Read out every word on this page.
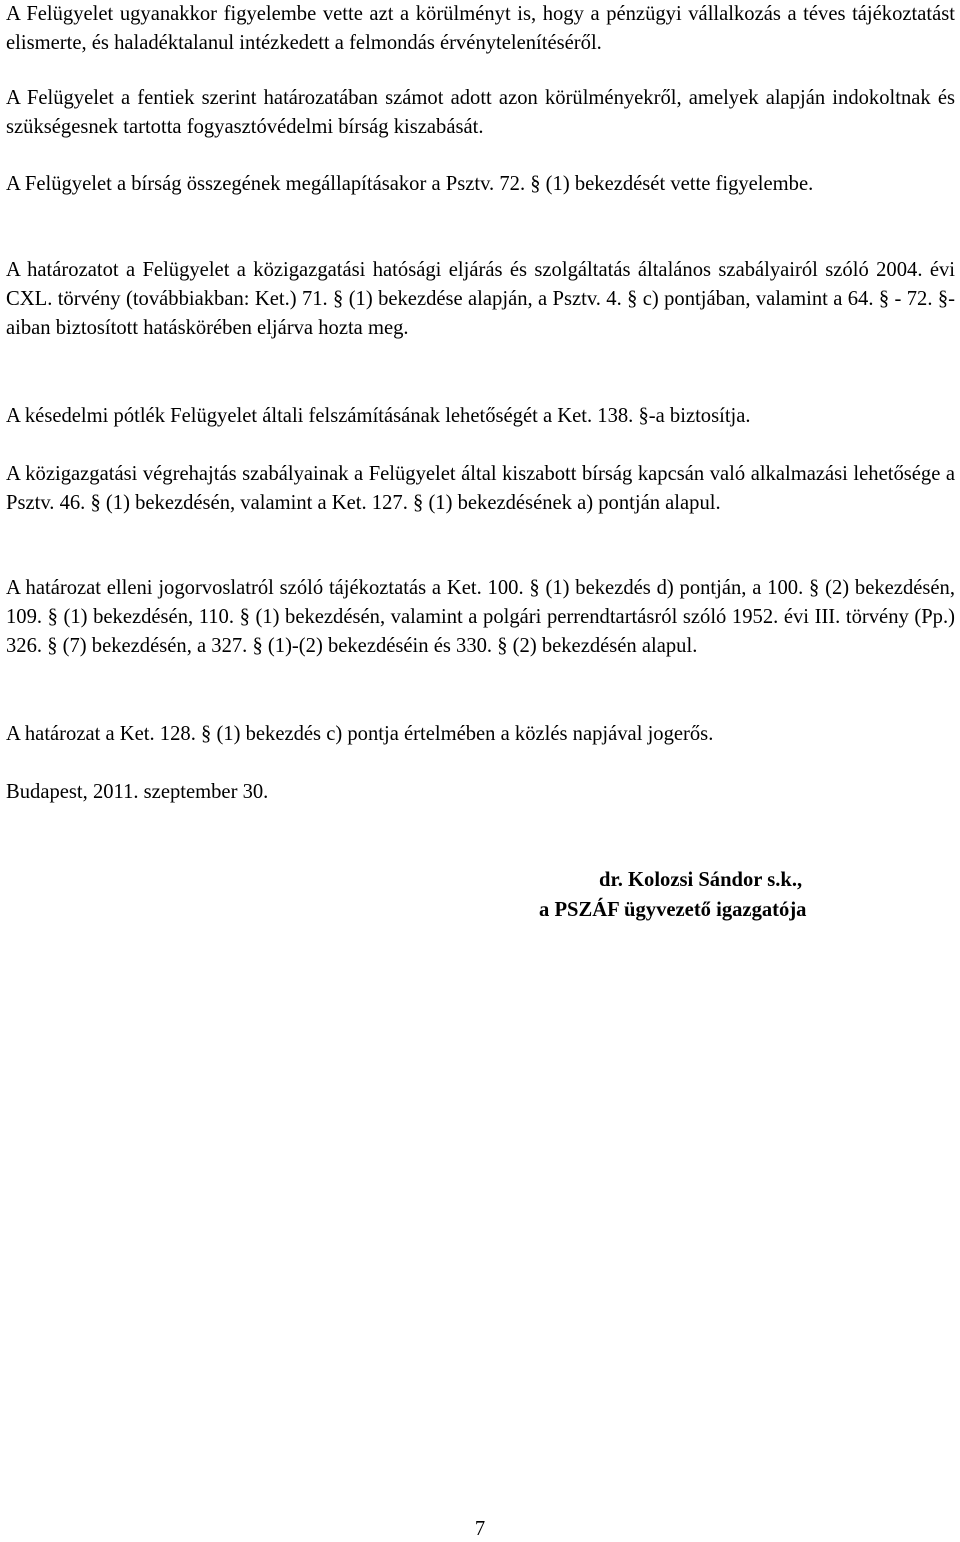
A Felügyelet ugyanakkor figyelembe vette azt a körülményt is, hogy a pénzügyi vállalkozás a téves tájékoztatást elismerte, és haladéktalanul intézkedett a felmondás érvénytelenítéséről.

A Felügyelet a fentiek szerint határozatában számot adott azon körülményekről, amelyek alapján indokoltnak és szükségesnek tartotta fogyasztóvédelmi bírság kiszabását.

A Felügyelet a bírság összegének megállapításakor a Psztv. 72. § (1) bekezdését vette figyelembe.

A határozatot a Felügyelet a közigazgatási hatósági eljárás és szolgáltatás általános szabályairól szóló 2004. évi CXL. törvény (továbbiakban: Ket.) 71. § (1) bekezdése alapján, a Psztv. 4. § c) pontjában, valamint a 64. § - 72. §-aiban biztosított hatáskörében eljárva hozta meg.

A késedelmi pótlék Felügyelet általi felszámításának lehetőségét a Ket. 138. §-a biztosítja.

A közigazgatási végrehajtás szabályainak a Felügyelet által kiszabott bírság kapcsán való alkalmazási lehetősége a Psztv. 46. § (1) bekezdésén, valamint a Ket. 127. § (1) bekezdésének a) pontján alapul.

A határozat elleni jogorvoslatról szóló tájékoztatás a Ket. 100. § (1) bekezdés d) pontján, a 100. § (2) bekezdésén, 109. § (1) bekezdésén, 110. § (1) bekezdésén, valamint a polgári perrendtartásról szóló 1952. évi III. törvény (Pp.) 326. § (7) bekezdésén, a 327. § (1)-(2) bekezdéséin és 330. § (2) bekezdésén alapul.

A határozat a Ket. 128. § (1) bekezdés c) pontja értelmében a közlés napjával jogerős.

Budapest, 2011. szeptember 30.

dr. Kolozsi Sándor s.k.,
a PSZÁF ügyvezető igazgatója
7
